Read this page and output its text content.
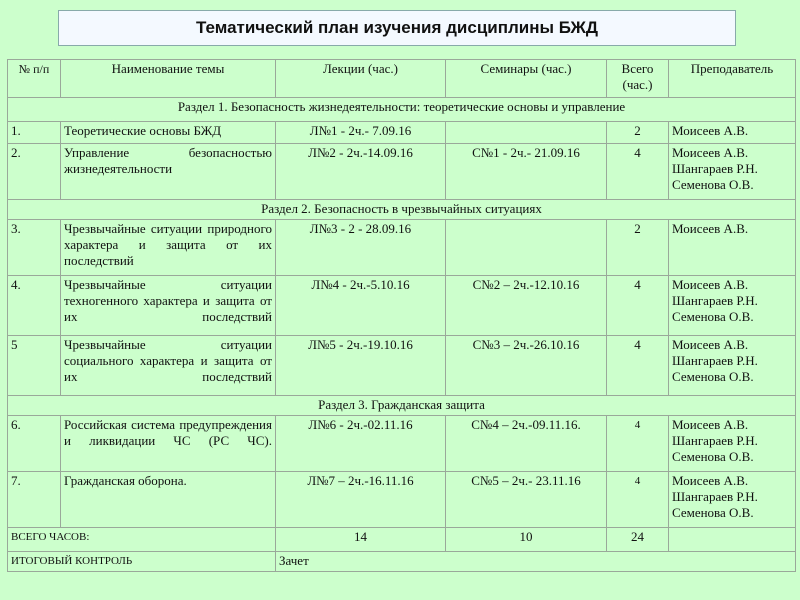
Тематический план изучения дисциплины БЖД
№ п/п	Наименование темы	Лекции (час.)	Семинары (час.)	Всего (час.)	Преподаватель
Раздел 1. Безопасность жизнедеятельности: теоретические основы и управление					
1.	Теоретические основы БЖД	Л№1 - 2ч.- 7.09.16		2	Моисеев А.В.

2.	Управление безопасностью жизнедеятельности	Л№2 - 2ч.-14.09.16	С№1 - 2ч.- 21.09.16	4	Моисеев А.В.
Шангараев Р.Н.
Семенова О.В.

Раздел 2. Безопасность в чрезвычайных ситуациях					
3.	Чрезвычайные ситуации природного характера и защита от их последствий	Л№3 - 2 - 28.09.16		2	Моисеев А.В.

4.	Чрезвычайные ситуации техногенного характера и защита от их последствий	Л№4 - 2ч.-5.10.16	С№2 – 2ч.-12.10.16	4	Моисеев А.В.
Шангараев Р.Н.
Семенова О.В.

5	Чрезвычайные ситуации социального характера и защита от их последствий	Л№5 - 2ч.-19.10.16	С№3 – 2ч.-26.10.16	4	Моисеев А.В.
Шангараев Р.Н.
Семенова О.В.

Раздел 3. Гражданская защита					
6.	Российская система предупреждения и ликвидации ЧС (РС ЧС).	Л№6 - 2ч.-02.11.16	С№4 – 2ч.-09.11.16.	4	Моисеев А.В.
Шангараев Р.Н.
Семенова О.В.

7.	Гражданская оборона.	Л№7 – 2ч.-16.11.16	С№5 – 2ч.- 23.11.16	4	Моисеев А.В.
Шангараев Р.Н.
Семенова О.В.

ВСЕГО ЧАСОВ:		14	10	24	
ИТОГОВЫЙ КОНТРОЛЬ		Зачет			
